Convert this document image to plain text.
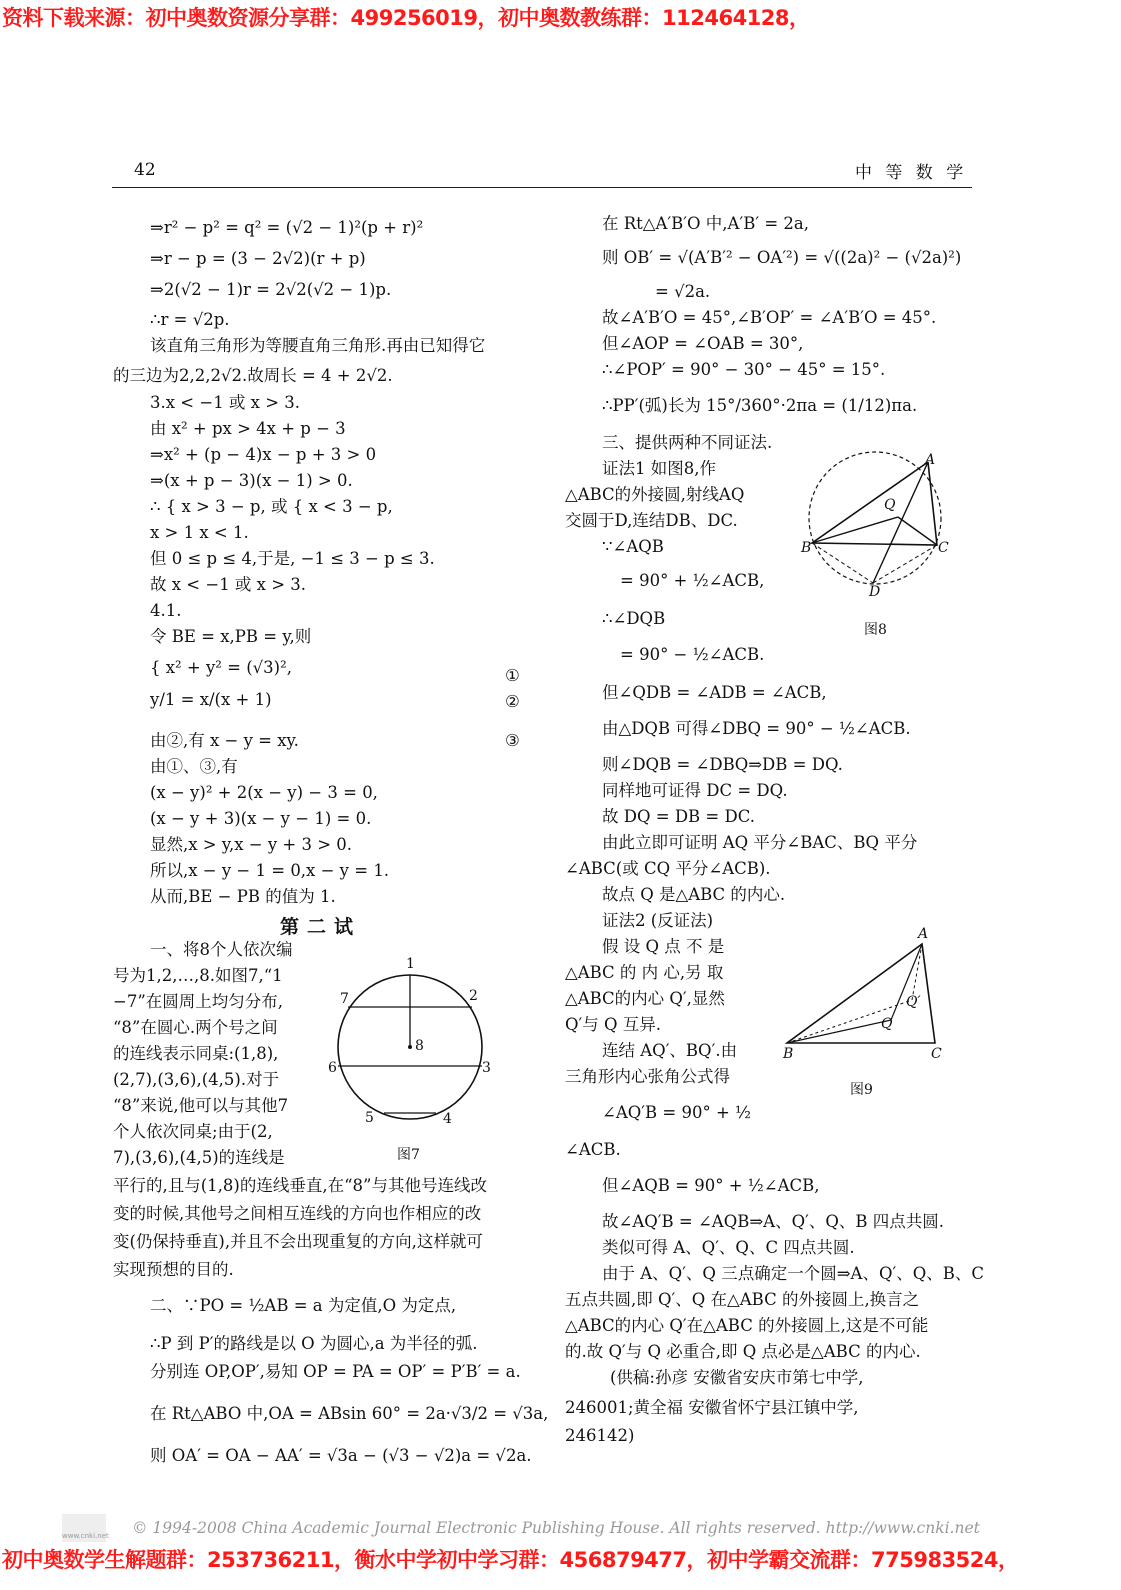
资料下载来源：初中奥数资源分享群：499256019，初中奥数教练群：112464128，
42	中 等 数 学
⇒r² − p² = q² = (√2 − 1)²(p + r)²
⇒r − p = (3 − 2√2)(r + p)
⇒2(√2 − 1)r = 2√2(√2 − 1)p.
∴r = √2p.
该直角三角形为等腰直角三角形.再由已知得它
的三边为2,2,2√2.故周长 = 4 + 2√2.
3.x < −1 或 x > 3.
由 x² + px > 4x + p − 3
⇒x² + (p − 4)x − p + 3 > 0
⇒(x + p − 3)(x − 1) > 0.
∴ { x > 3 − p, 或 { x < 3 − p,
x > 1 x < 1.
但 0 ≤ p ≤ 4,于是, −1 ≤ 3 − p ≤ 3.
故 x < −1 或 x > 3.
4.1.
令 BE = x,PB = y,则
{ x² + y² = (√3)²,
y/1 = x/(x + 1)
由②,有 x − y = xy.
由①、③,有
(x − y)² + 2(x − y) − 3 = 0,
(x − y + 3)(x − y − 1) = 0.
显然,x > y,x − y + 3 > 0.
所以,x − y − 1 = 0,x − y = 1.
从而,BE − PB 的值为 1.
一、将8个人依次编
号为1,2,…,8.如图7,“1
−7”在圆周上均匀分布,
“8”在圆心.两个号之间
的连线表示同桌:(1,8),
(2,7),(3,6),(4,5).对于
“8”来说,他可以与其他7
个人依次同桌;由于(2,
7),(3,6),(4,5)的连线是
平行的,且与(1,8)的连线垂直,在“8”与其他号连线改
变的时候,其他号之间相互连线的方向也作相应的改
变(仍保持垂直),并且不会出现重复的方向,这样就可
实现预想的目的.
二、∵PO = ½AB = a 为定值,O 为定点,
∴P 到 P′的路线是以 O 为圆心,a 为半径的弧.
分别连 OP,OP′,易知 OP = PA = OP′ = P′B′ = a.
在 Rt△ABO 中,OA = ABsin 60° = 2a·√3/2 = √3a,
则 OA′ = OA − AA′ = √3a − (√3 − √2)a = √2a.
在 Rt△A′B′O 中,A′B′ = 2a,
则 OB′ = √(A′B′² − OA′²) = √((2a)² − (√2a)²)
= √2a.
故∠A′B′O = 45°,∠B′OP′ = ∠A′B′O = 45°.
但∠AOP = ∠OAB = 30°,
∴∠POP′ = 90° − 30° − 45° = 15°.
∴PP′(弧)长为 15°/360°·2πa = (1/12)πa.
三、提供两种不同证法.
证法1 如图8,作
△ABC的外接圆,射线AQ
交圆于D,连结DB、DC.
∵∠AQB
= 90° + ½∠ACB,
∴∠DQB
= 90° − ½∠ACB.
但∠QDB = ∠ADB = ∠ACB,
由△DQB 可得∠DBQ = 90° − ½∠ACB.
则∠DQB = ∠DBQ⇒DB = DQ.
同样地可证得 DC = DQ.
故 DQ = DB = DC.
由此立即可证明 AQ 平分∠BAC、BQ 平分
∠ABC(或 CQ 平分∠ACB).
故点 Q 是△ABC 的内心.
证法2 (反证法)
假 设 Q 点 不 是
△ABC 的 内 心,另 取
△ABC的内心 Q′,显然
Q′与 Q 互异.
连结 AQ′、BQ′.由
三角形内心张角公式得
∠AQ′B = 90° + ½
∠ACB.
但∠AQB = 90° + ½∠ACB,
故∠AQ′B = ∠AQB⇒A、Q′、Q、B 四点共圆.
类似可得 A、Q′、Q、C 四点共圆.
由于 A、Q′、Q 三点确定一个圆⇒A、Q′、Q、B、C
五点共圆,即 Q′、Q 在△ABC 的外接圆上,换言之
△ABC的内心 Q′在△ABC 的外接圆上,这是不可能
的.故 Q′与 Q 必重合,即 Q 点必是△ABC 的内心.
(供稿:孙彦 安徽省安庆市第七中学,
246001;黄全福 安徽省怀宁县江镇中学,
246142)
①
②
③
第二试
1
2
3
4
5
6
7
8
图7
A
B	C
D
Q
图8
A
B	C
Q
Q′
图9
www.cnki.net © 1994-2008 China Academic Journal Electronic Publishing House. All rights reserved. http://www.cnki.net
初中奥数学生解题群：253736211，衡水中学初中学习群：456879477，初中学霸交流群：775983524，
